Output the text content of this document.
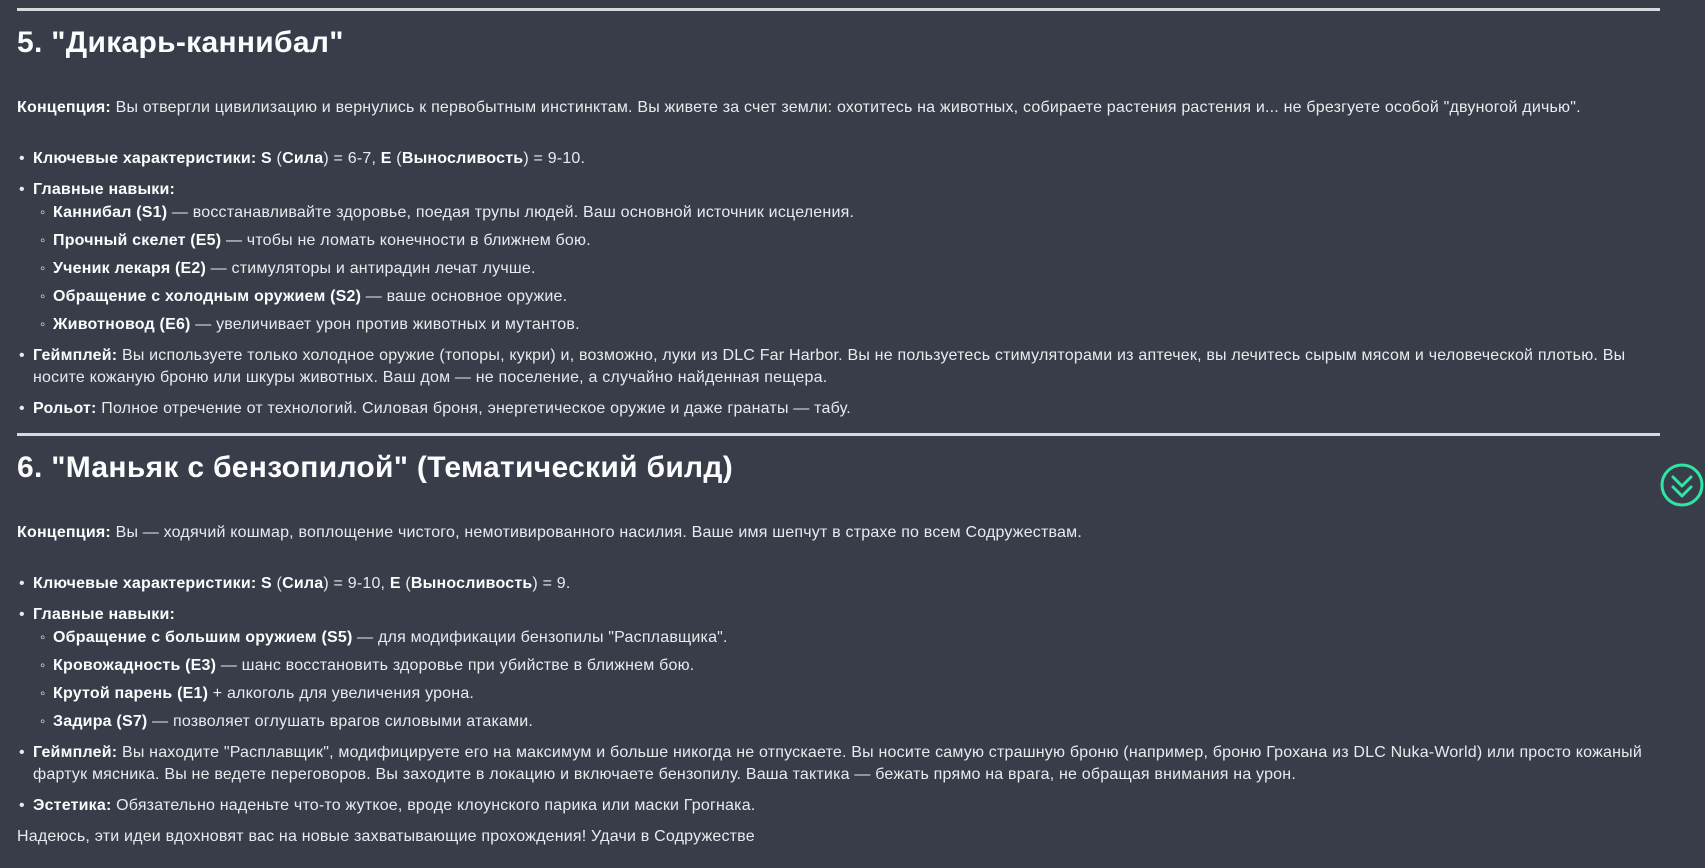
5. "Дикарь-каннибал"

Концепция: Вы отвергли цивилизацию и вернулись к первобытным инстинктам. Вы живете за счет земли: охотитесь на животных, собираете растения растения и... не брезгуете особой "двуногой дичью".

• Ключевые характеристики: S (Сила) = 6-7, E (Выносливость) = 9-10.
• Главные навыки:
◦ Каннибал (S1) — восстанавливайте здоровье, поедая трупы людей. Ваш основной источник исцеления.
◦ Прочный скелет (E5) — чтобы не ломать конечности в ближнем бою.
◦ Ученик лекаря (E2) — стимуляторы и антирадин лечат лучше.
◦ Обращение с холодным оружием (S2) — ваше основное оружие.
◦ Животновод (E6) — увеличивает урон против животных и мутантов.
• Геймплей: Вы используете только холодное оружие (топоры, кукри) и, возможно, луки из DLC Far Harbor. Вы не пользуетесь стимуляторами из аптечек, вы лечитесь сырым мясом и человеческой плотью. Вы носите кожаную броню или шкуры животных. Ваш дом — не поселение, а случайно найденная пещера.
• Рольот: Полное отречение от технологий. Силовая броня, энергетическое оружие и даже гранаты — табу.
6. "Маньяк с бензопилой" (Тематический билд)

Концепция: Вы — ходячий кошмар, воплощение чистого, немотивированного насилия. Ваше имя шепчут в страхе по всем Содружествам.

• Ключевые характеристики: S (Сила) = 9-10, E (Выносливость) = 9.
• Главные навыки:
◦ Обращение с большим оружием (S5) — для модификации бензопилы "Расплавщика".
◦ Кровожадность (E3) — шанс восстановить здоровье при убийстве в ближнем бою.
◦ Крутой парень (E1) + алкоголь для увеличения урона.
◦ Задира (S7) — позволяет оглушать врагов силовыми атаками.
• Геймплей: Вы находите "Расплавщик", модифицируете его на максимум и больше никогда не отпускаете. Вы носите самую страшную броню (например, броню Грохана из DLC Nuka-World) или просто кожаный фартук мясника. Вы не ведете переговоров. Вы заходите в локацию и включаете бензопилу. Ваша тактика — бежать прямо на врага, не обращая внимания на урон.
• Эстетика: Обязательно наденьте что-то жуткое, вроде клоунского парика или маски Грогнака.

Надеюсь, эти идеи вдохновят вас на новые захватывающие прохождения! Удачи в Содружестве
